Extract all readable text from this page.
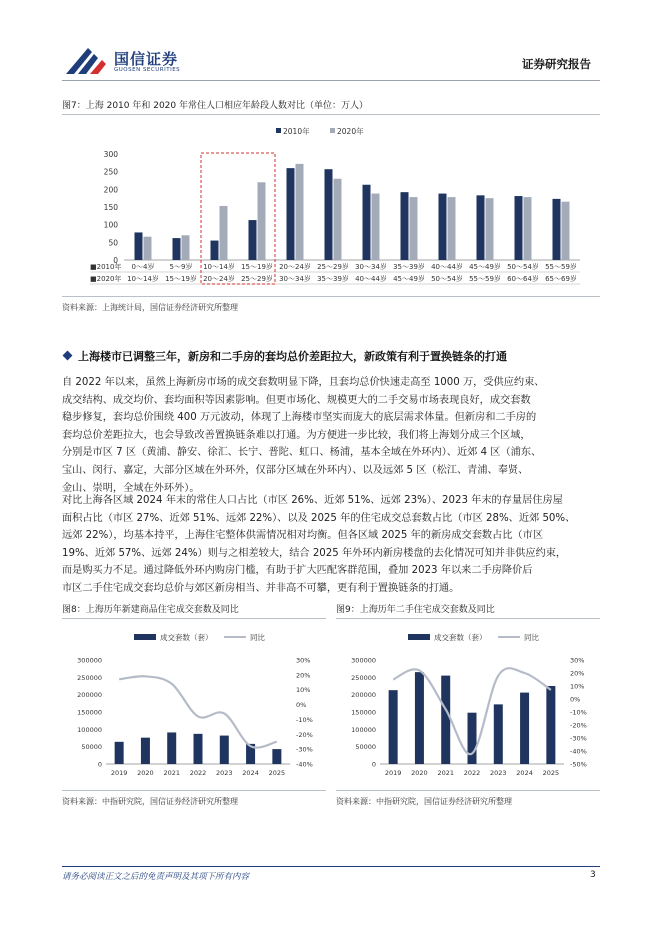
国信证券
GUOSEN SECURITIES	证券研究报告
图7：上海 2010 年和 2020 年常住人口相应年龄段人数对比（单位：万人）
2010年	2020年
0
50
100
150
200
250
300
■2010年
■2020年
0～4岁 5～9岁 10～14岁 15～19岁 20～24岁 25～29岁 30～34岁 35～39岁 40～44岁 45～49岁 50～54岁 55～59岁
10～14岁 15～19岁 20～24岁 25～29岁 30～34岁 35～39岁 40～44岁 45～49岁 50～54岁 55～59岁 60～64岁 65～69岁
资料来源：上海统计局，国信证券经济研究所整理
上海楼市已调整三年，新房和二手房的套均总价差距拉大，新政策有利于置换链条的打通
自 2022 年以来，虽然上海新房市场的成交套数明显下降，且套均总价快速走高至 1000 万，受供应约束、
成交结构、成交均价、套均面积等因素影响。但更市场化、规模更大的二手交易市场表现良好，成交套数
稳步修复，套均总价围绕 400 万元波动，体现了上海楼市坚实而庞大的底层需求体量。但新房和二手房的
套均总价差距拉大，也会导致改善置换链条难以打通。为方便进一步比较，我们将上海划分成三个区域，
分别是市区 7 区（黄浦、静安、徐汇、长宁、普陀、虹口、杨浦，基本全域在外环内）、近郊 4 区（浦东、
宝山、闵行、嘉定，大部分区域在外环外，仅部分区域在外环内）、以及远郊 5 区（松江、青浦、奉贤、
金山、崇明，全域在外环外）。
对比上海各区域 2024 年末的常住人口占比（市区 26%、近郊 51%、远郊 23%）、2023 年末的存量居住房屋
面积占比（市区 27%、近郊 51%、远郊 22%）、以及 2025 年的住宅成交总套数占比（市区 28%、近郊 50%、
远郊 22%），均基本持平，上海住宅整体供需情况相对均衡。但各区域 2025 年的新房成交套数占比（市区
19%、近郊 57%、远郊 24%）则与之相差较大，结合 2025 年外环内新房楼盘的去化情况可知并非供应约束，
而是购买力不足。通过降低外环内购房门槛，有助于扩大匹配客群范围，叠加 2023 年以来二手房降价后
市区二手住宅成交套均总价与郊区新房相当、并非高不可攀，更有利于置换链条的打通。
图8：上海历年新建商品住宅成交套数及同比
成交套数（套）	同比
0
50000
100000
150000
200000
250000
300000	30%
20%
10%
0%
-10%
-20%
-30%
-40%
2019 2020 2021 2022 2023 2024 2025
资料来源：中指研究院，国信证券经济研究所整理
图9：上海历年二手住宅成交套数及同比
成交套数（套）	同比
0
50000
100000
150000
200000
250000
300000	30%
20%
10%
0%
-10%
-20%
-30%
-40%
-50%
2019 2020 2021 2022 2023 2024 2025
资料来源：中指研究院，国信证券经济研究所整理
请务必阅读正文之后的免责声明及其项下所有内容	3
